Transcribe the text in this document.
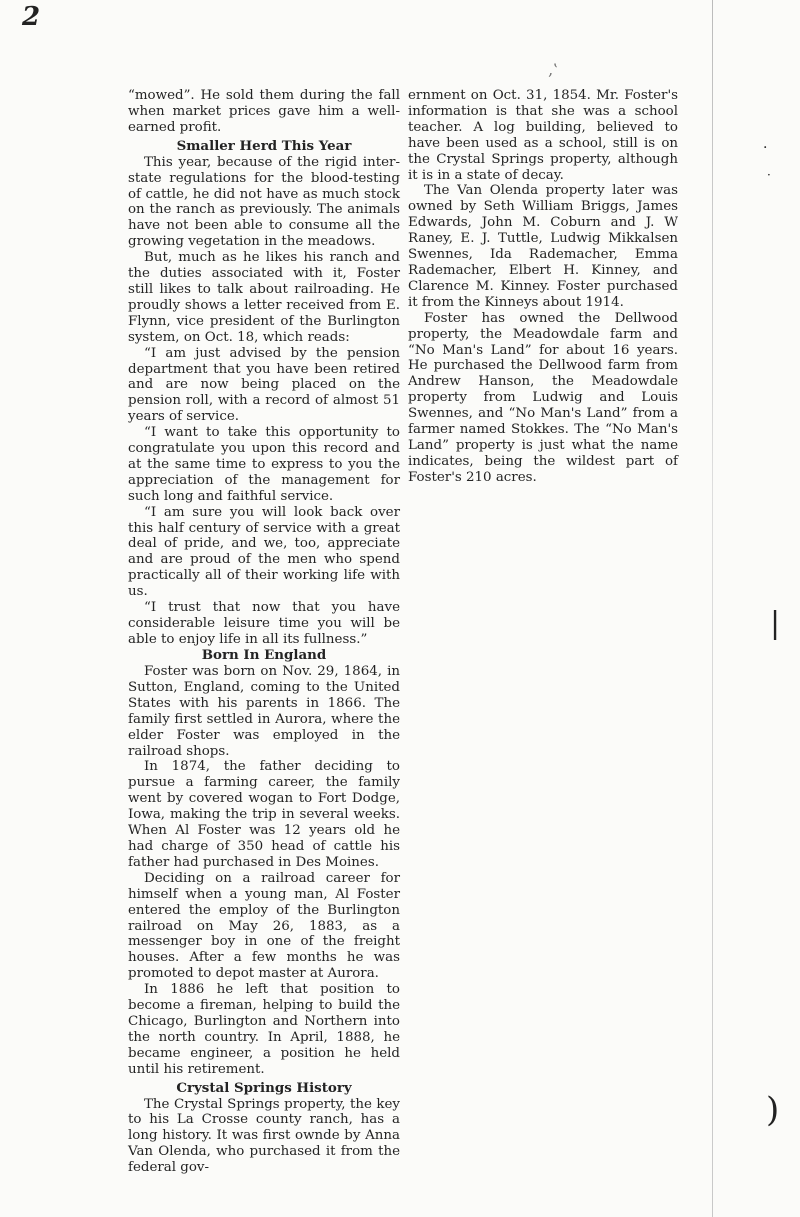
2
‚‛
·
·
|
)

“mowed”. He sold them during the fall when market prices gave him a well-earned profit.

Smaller Herd This Year

This year, because of the rigid inter-state regulations for the blood-testing of cattle, he did not have as much stock on the ranch as previously. The animals have not been able to consume all the growing vegetation in the meadows.

But, much as he likes his ranch and the duties associated with it, Foster still likes to talk about railroading. He proudly shows a letter received from E. Flynn, vice president of the Burlington system, on Oct. 18, which reads:

“I am just advised by the pension department that you have been retired and are now being placed on the pension roll, with a record of almost 51 years of service.

“I want to take this opportunity to congratulate you upon this record and at the same time to express to you the appreciation of the management for such long and faithful service.

“I am sure you will look back over this half century of service with a great deal of pride, and we, too, appreciate and are proud of the men who spend practically all of their working life with us.

“I trust that now that you have considerable leisure time you will be able to enjoy life in all its fullness.”

Born In England

Foster was born on Nov. 29, 1864, in Sutton, England, coming to the United States with his parents in 1866. The family first settled in Aurora, where the elder Foster was employed in the railroad shops.

In 1874, the father deciding to pursue a farming career, the family went by covered wogan to Fort Dodge, Iowa, making the trip in several weeks. When Al Foster was 12 years old he had charge of 350 head of cattle his father had purchased in Des Moines.

Deciding on a railroad career for himself when a young man, Al Foster entered the employ of the Burlington railroad on May 26, 1883, as a messenger boy in one of the freight houses. After a few months he was promoted to depot master at Aurora.

In 1886 he left that position to become a fireman, helping to build the Chicago, Burlington and Northern into the north country. In April, 1888, he became engineer, a position he held until his retirement.

Crystal Springs History

The Crystal Springs property, the key to his La Crosse county ranch, has a long history. It was first ownde by Anna Van Olenda, who purchased it from the federal gov-

ernment on Oct. 31, 1854. Mr. Foster's information is that she was a school teacher. A log building, believed to have been used as a school, still is on the Crystal Springs property, although it is in a state of decay.

The Van Olenda property later was owned by Seth William Briggs, James Edwards, John M. Coburn and J. W Raney, E. J. Tuttle, Ludwig Mikkalsen Swennes, Ida Rademacher, Emma Rademacher, Elbert H. Kinney, and Clarence M. Kinney. Foster purchased it from the Kinneys about 1914.

Foster has owned the Dellwood property, the Meadowdale farm and “No Man's Land” for about 16 years. He purchased the Dellwood farm from Andrew Hanson, the Meadowdale property from Ludwig and Louis Swennes, and “No Man's Land” from a farmer named Stokkes. The “No Man's Land” property is just what the name indicates, being the wildest part of Foster's 210 acres.
